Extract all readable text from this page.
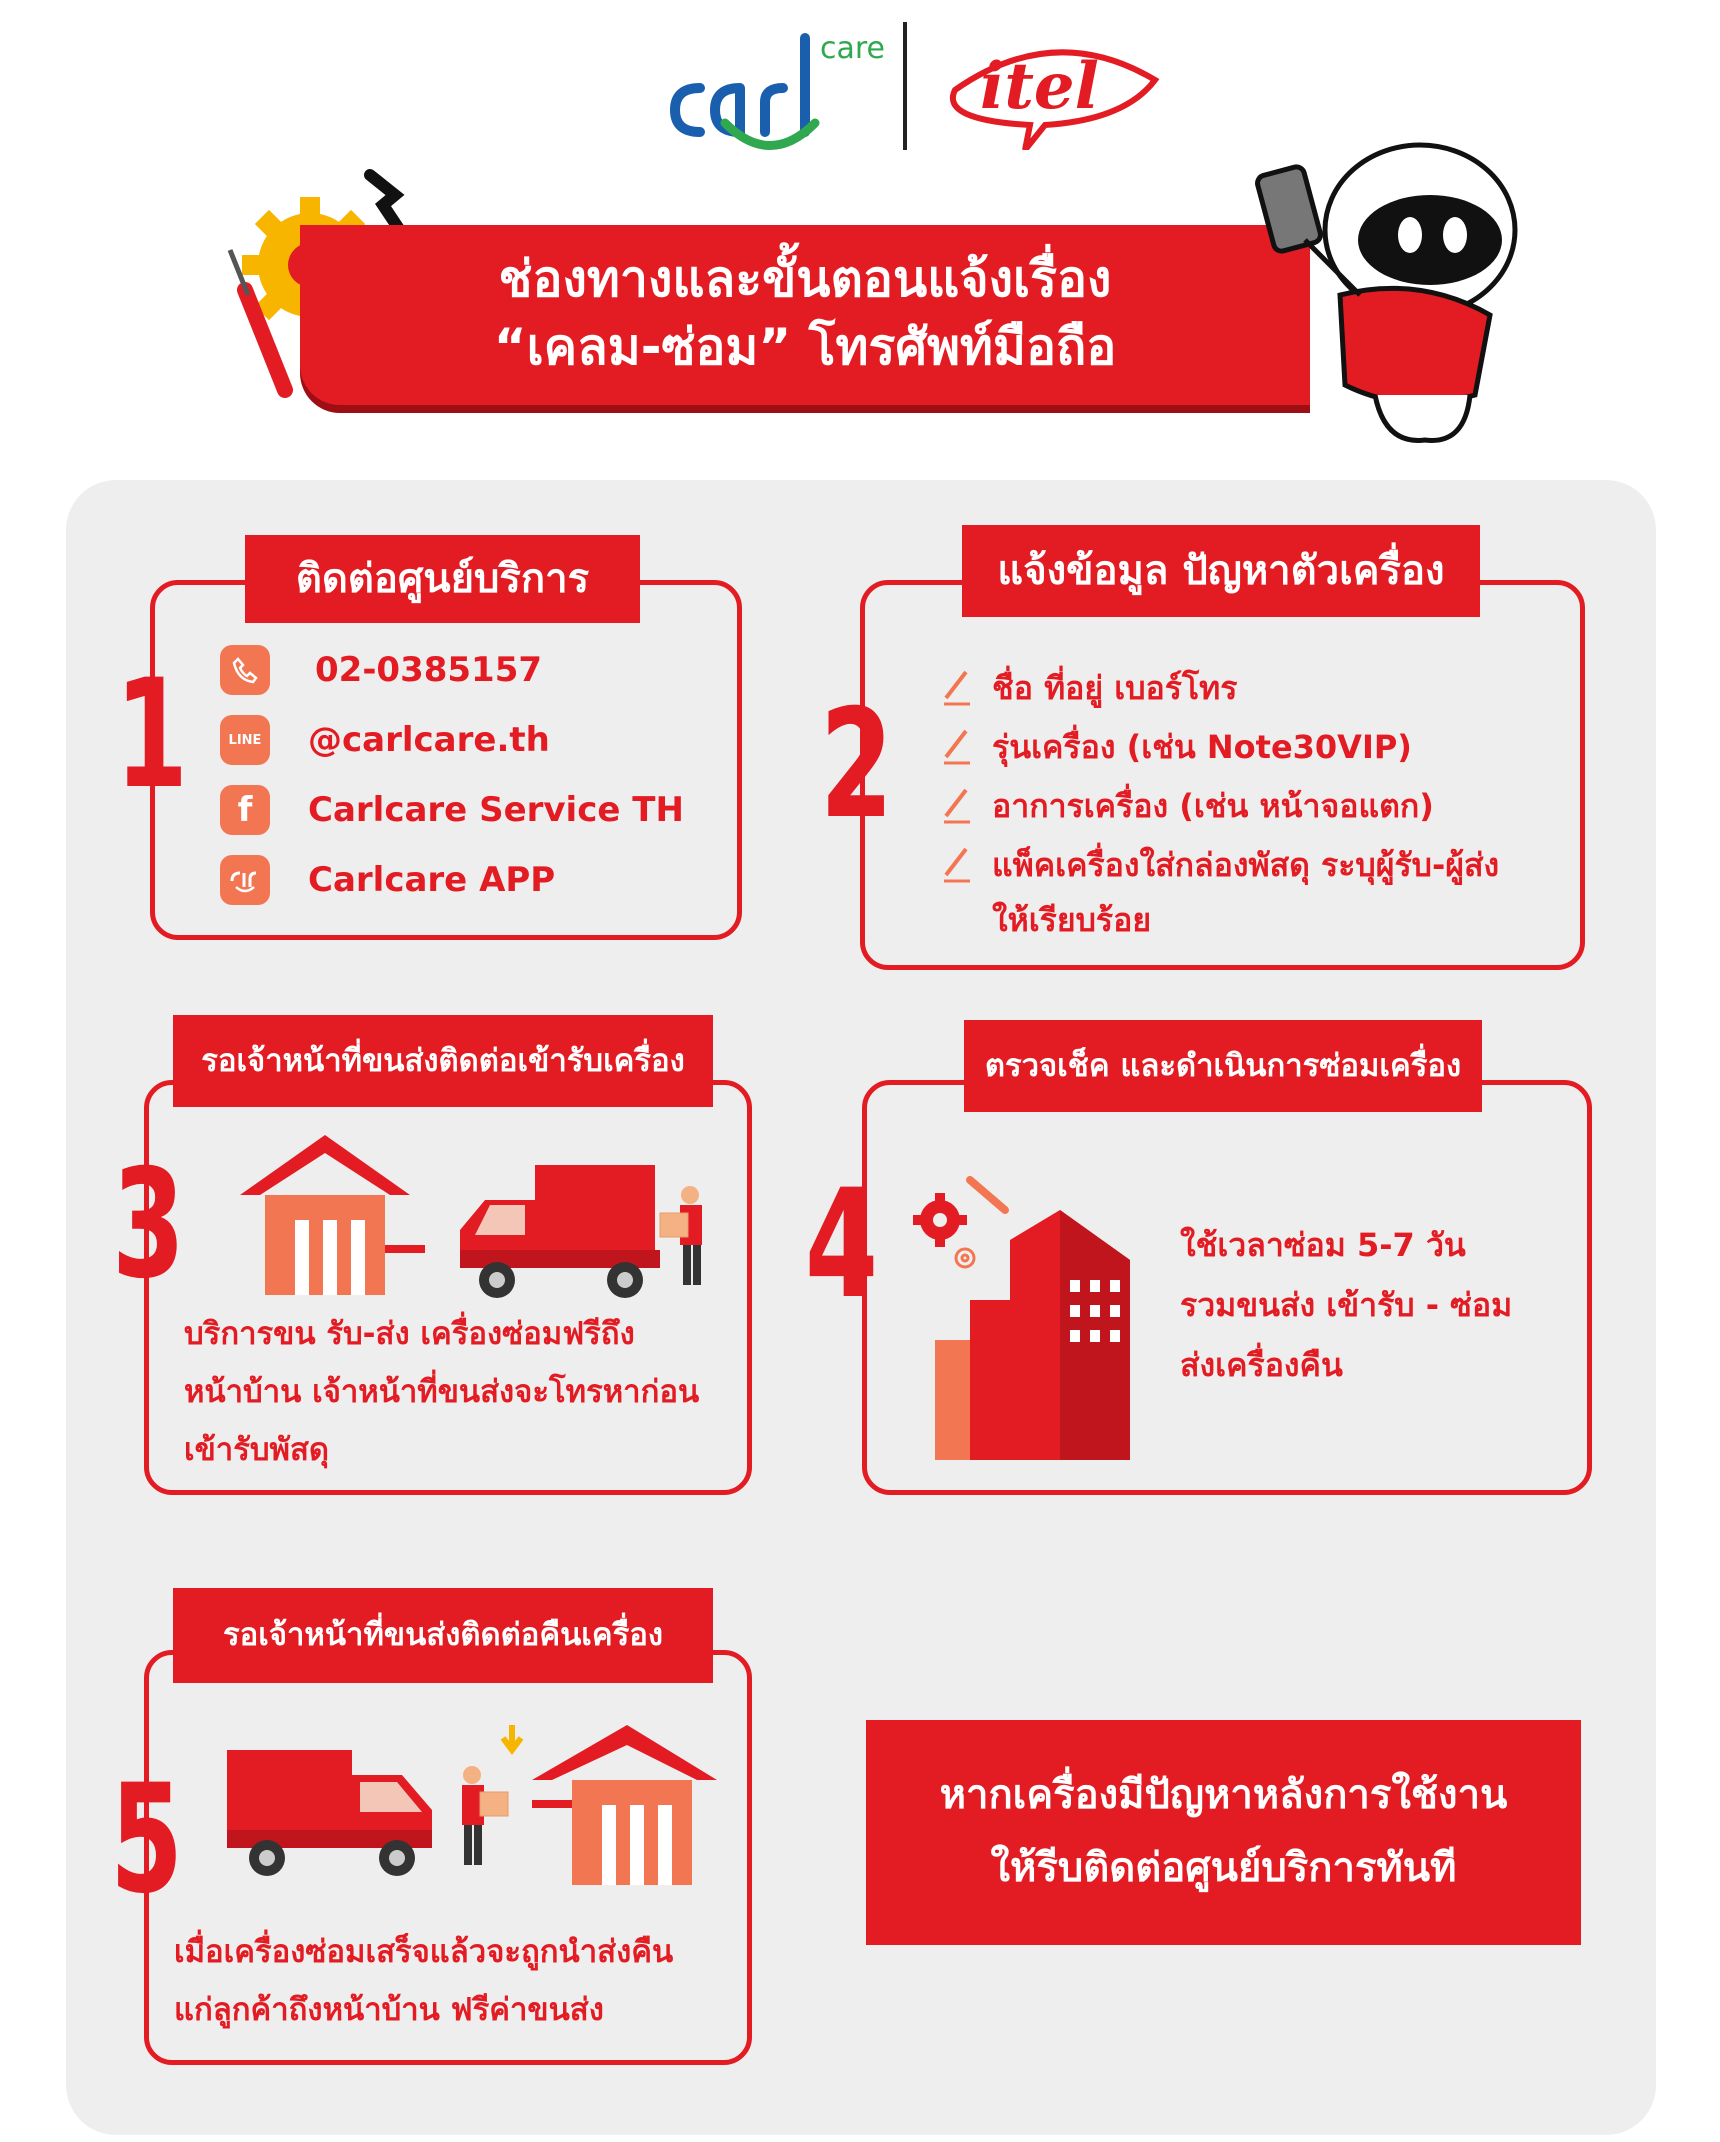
care
itel
ช่องทางและขั้นตอนแจ้งเรื่อง
“เคลม-ซ่อม” โทรศัพท์มือถือ
ติดต่อศูนย์บริการ
1	02-0385157
LINE @carlcare.th
f	Carlcare Service TH
Carlcare APP
แจ้งข้อมูล ปัญหาตัวเครื่อง
2	ชื่อ ที่อยู่ เบอร์โทร
รุ่นเครื่อง (เช่น Note30VIP)
อาการเครื่อง (เช่น หน้าจอแตก)
แพ็คเครื่องใส่กล่องพัสดุ ระบุผู้รับ-ผู้ส่ง
ให้เรียบร้อย
รอเจ้าหน้าที่ขนส่งติดต่อเข้ารับเครื่อง
3
บริการขน รับ-ส่ง เครื่องซ่อมฟรีถึง
หน้าบ้าน เจ้าหน้าที่ขนส่งจะโทรหาก่อน
เข้ารับพัสดุ
ตรวจเช็ค และดำเนินการซ่อมเครื่อง
4	ใช้เวลาซ่อม 5-7 วัน
รวมขนส่ง เข้ารับ - ซ่อม
ส่งเครื่องคืน
รอเจ้าหน้าที่ขนส่งติดต่อคืนเครื่อง
5
เมื่อเครื่องซ่อมเสร็จแล้วจะถูกนำส่งคืน
แก่ลูกค้าถึงหน้าบ้าน ฟรีค่าขนส่ง
หากเครื่องมีปัญหาหลังการใช้งาน
ให้รีบติดต่อศูนย์บริการทันที
